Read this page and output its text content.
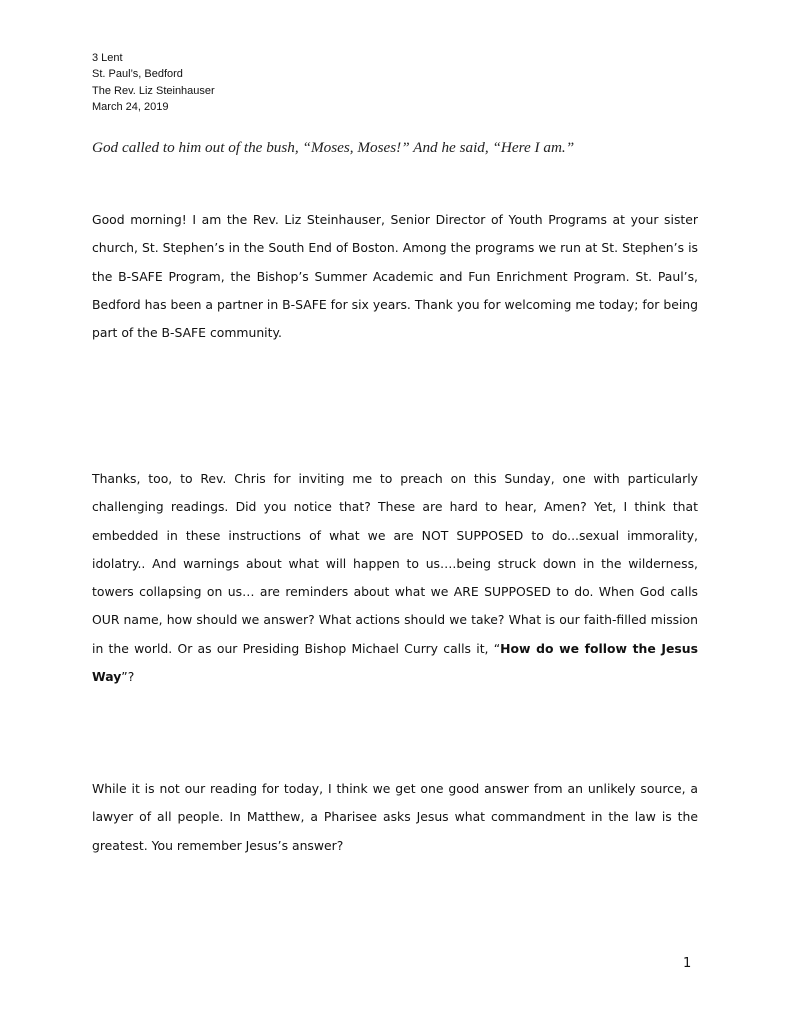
3 Lent
St. Paul’s, Bedford
The Rev. Liz Steinhauser
March 24, 2019
God called to him out of the bush, “Moses, Moses!” And he said, “Here I am.”

Good morning! I am the Rev. Liz Steinhauser, Senior Director of Youth Programs at your sister church, St. Stephen’s in the South End of Boston. Among the programs we run at St. Stephen’s is the B-SAFE Program, the Bishop’s Summer Academic and Fun Enrichment Program. St. Paul’s, Bedford has been a partner in B-SAFE for six years. Thank you for welcoming me today; for being part of the B-SAFE community.

Thanks, too, to Rev. Chris for inviting me to preach on this Sunday, one with particularly challenging readings. Did you notice that? These are hard to hear, Amen? Yet, I think that embedded in these instructions of what we are NOT SUPPOSED to do...sexual immorality, idolatry.. And warnings about what will happen to us….being struck down in the wilderness, towers collapsing on us… are reminders about what we ARE SUPPOSED to do. When God calls OUR name, how should we answer? What actions should we take? What is our faith-filled mission in the world. Or as our Presiding Bishop Michael Curry calls it, “How do we follow the Jesus Way”?

While it is not our reading for today, I think we get one good answer from an unlikely source, a lawyer of all people. In Matthew, a Pharisee asks Jesus what commandment in the law is the greatest. You remember Jesus’s answer?

1
